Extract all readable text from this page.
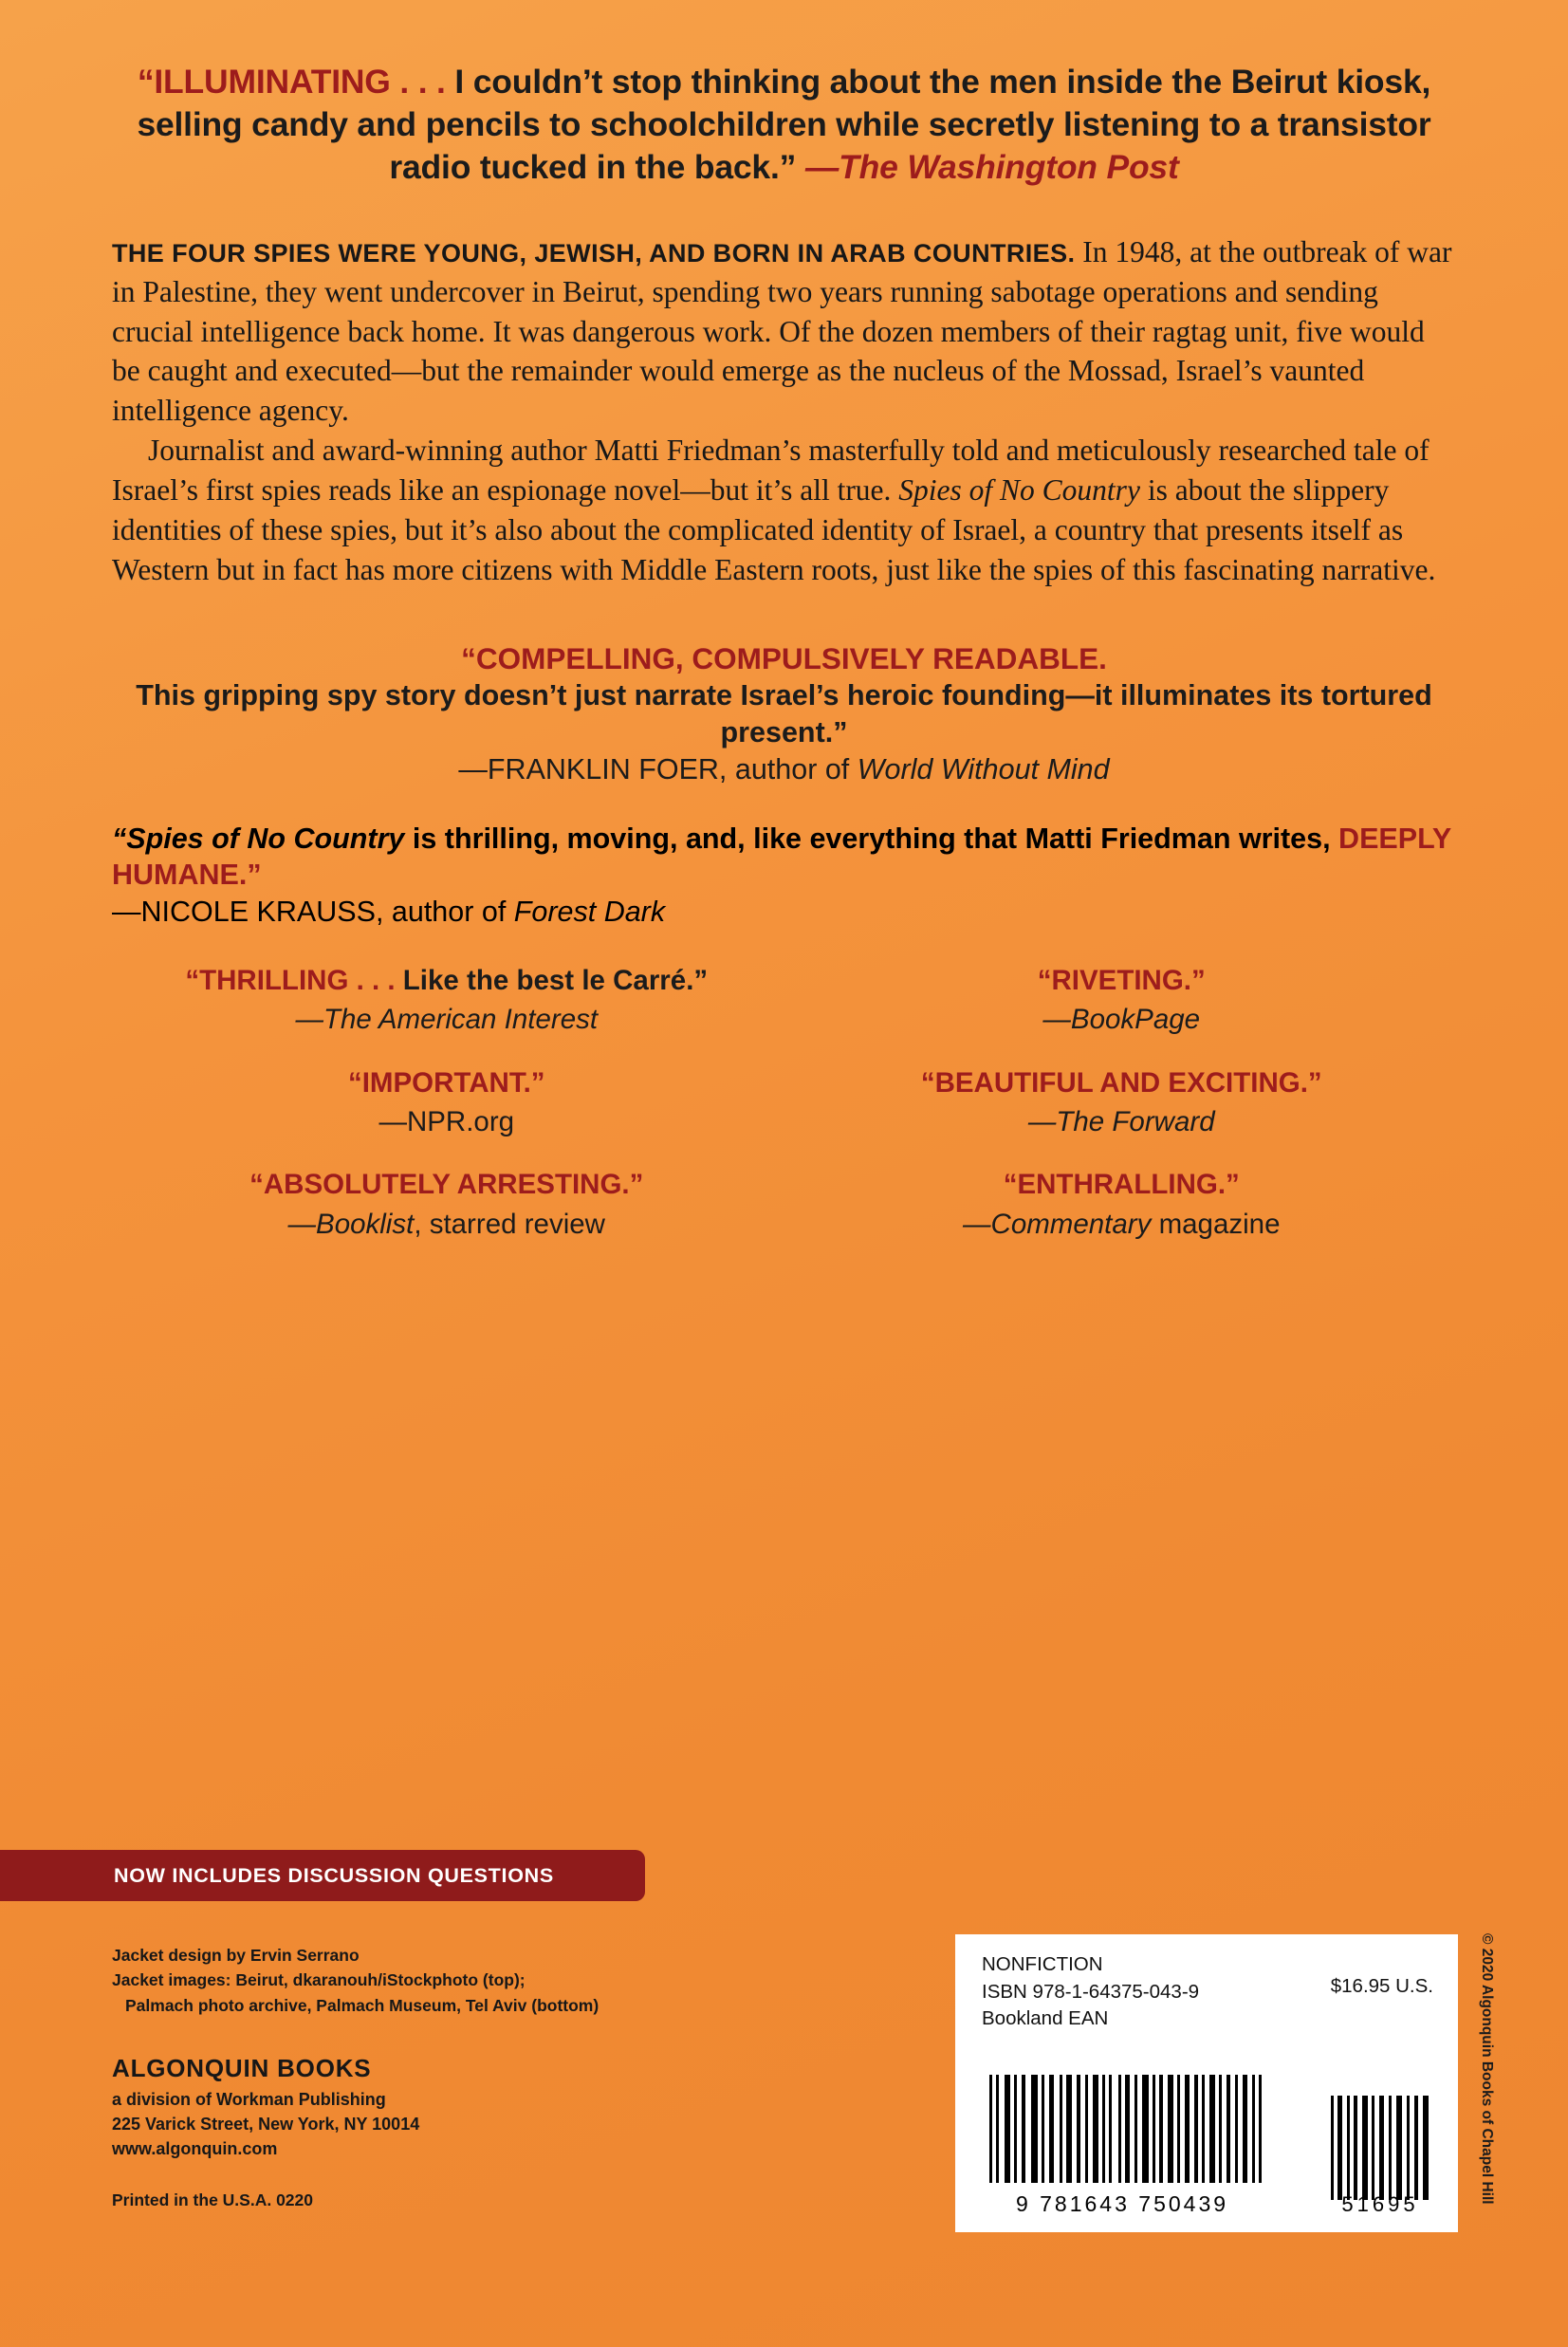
“ILLUMINATING . . . I couldn’t stop thinking about the men inside the Beirut kiosk, selling candy and pencils to schoolchildren while secretly listening to a transistor radio tucked in the back.” —The Washington Post

THE FOUR SPIES WERE YOUNG, JEWISH, AND BORN IN ARAB COUNTRIES. In 1948, at the outbreak of war in Palestine, they went undercover in Beirut, spending two years running sabotage operations and sending crucial intelligence back home. It was dangerous work. Of the dozen members of their ragtag unit, five would be caught and executed—but the remainder would emerge as the nucleus of the Mossad, Israel’s vaunted intelligence agency.

Journalist and award-winning author Matti Friedman’s masterfully told and meticulously researched tale of Israel’s first spies reads like an espionage novel—but it’s all true. Spies of No Country is about the slippery identities of these spies, but it’s also about the complicated identity of Israel, a country that presents itself as Western but in fact has more citizens with Middle Eastern roots, just like the spies of this fascinating narrative.

“COMPELLING, COMPULSIVELY READABLE.
This gripping spy story doesn’t just narrate Israel’s heroic founding—it illuminates its tortured present.”
—FRANKLIN FOER, author of World Without Mind
“Spies of No Country is thrilling, moving, and, like everything that Matti Friedman writes, DEEPLY HUMANE.”
—NICOLE KRAUSS, author of Forest Dark
“THRILLING . . . Like the best le Carré.”
—The American Interest
“RIVETING.”
—BookPage
“IMPORTANT.”
—NPR.org
“BEAUTIFUL AND EXCITING.”
—The Forward
“ABSOLUTELY ARRESTING.”
—Booklist, starred review
“ENTHRALLING.”
—Commentary magazine
NOW INCLUDES DISCUSSION QUESTIONS
Jacket design by Ervin Serrano
Jacket images: Beirut, dkaranouh/iStockphoto (top);
Palmach photo archive, Palmach Museum, Tel Aviv (bottom)
ALGONQUIN BOOKS
a division of Workman Publishing
225 Varick Street, New York, NY 10014
www.algonquin.com
Printed in the U.S.A. 0220
NONFICTION
ISBN 978-1-64375-043-9
Bookland EAN
$16.95 U.S.
9 781643 750439	51695	© 2020 Algonquin Books of Chapel Hill
